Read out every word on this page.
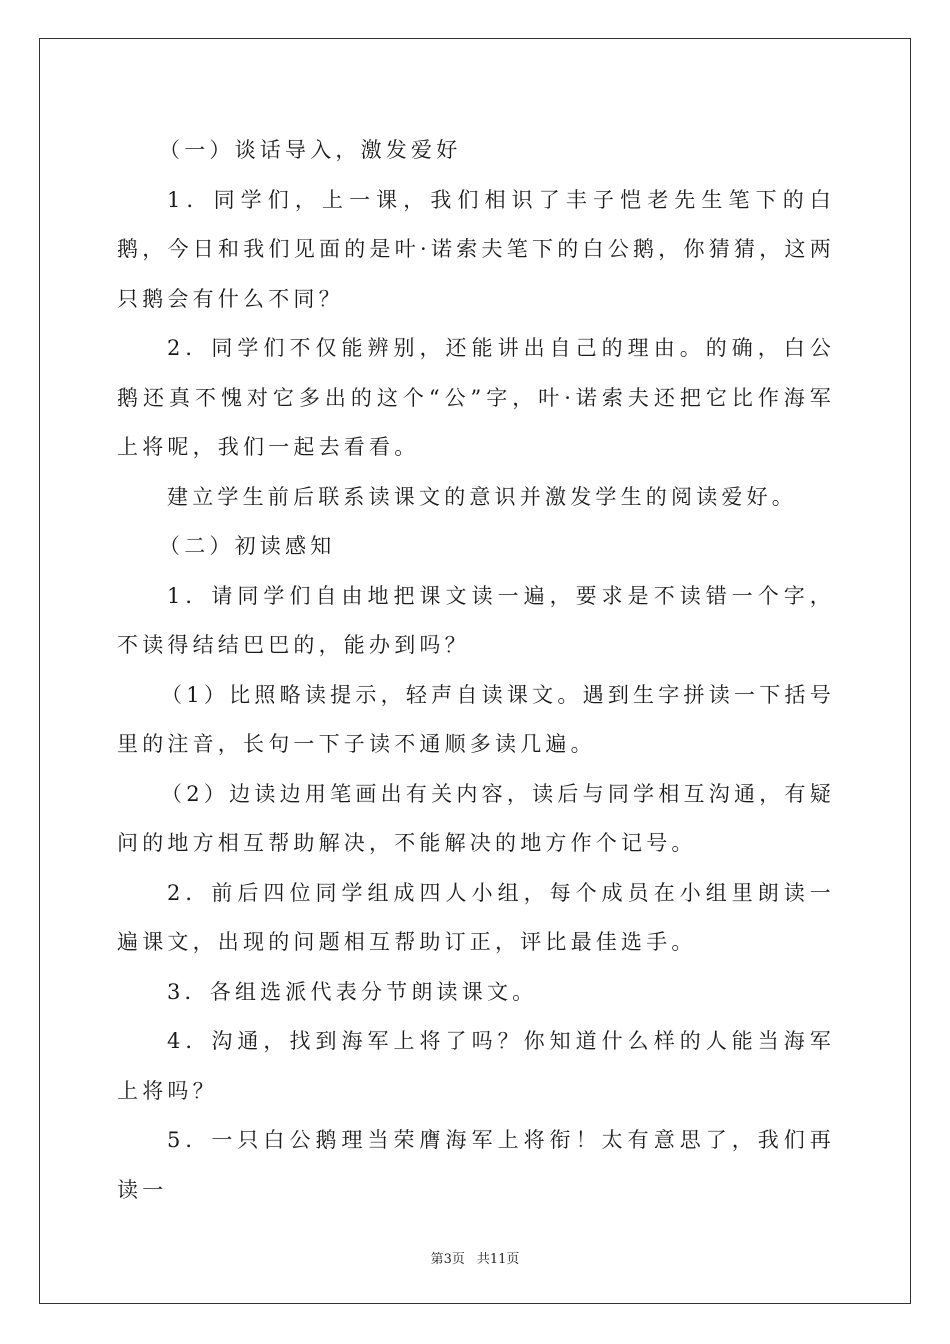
（一）谈话导入，激发爱好

1．同学们，上一课，我们相识了丰子恺老先生笔下的白鹅，今日和我们见面的是叶·诺索夫笔下的白公鹅，你猜猜，这两只鹅会有什么不同？

2．同学们不仅能辨别，还能讲出自己的理由。的确，白公鹅还真不愧对它多出的这个“公”字，叶·诺索夫还把它比作海军上将呢，我们一起去看看。

建立学生前后联系读课文的意识并激发学生的阅读爱好。

（二）初读感知

1．请同学们自由地把课文读一遍，要求是不读错一个字，不读得结结巴巴的，能办到吗？

（1）比照略读提示，轻声自读课文。遇到生字拼读一下括号里的注音，长句一下子读不通顺多读几遍。

（2）边读边用笔画出有关内容，读后与同学相互沟通，有疑问的地方相互帮助解决，不能解决的地方作个记号。

2．前后四位同学组成四人小组，每个成员在小组里朗读一遍课文，出现的问题相互帮助订正，评比最佳选手。

3．各组选派代表分节朗读课文。

4．沟通，找到海军上将了吗？你知道什么样的人能当海军上将吗？

5．一只白公鹅理当荣膺海军上将衔！太有意思了，我们再读一

第3页 共11页
